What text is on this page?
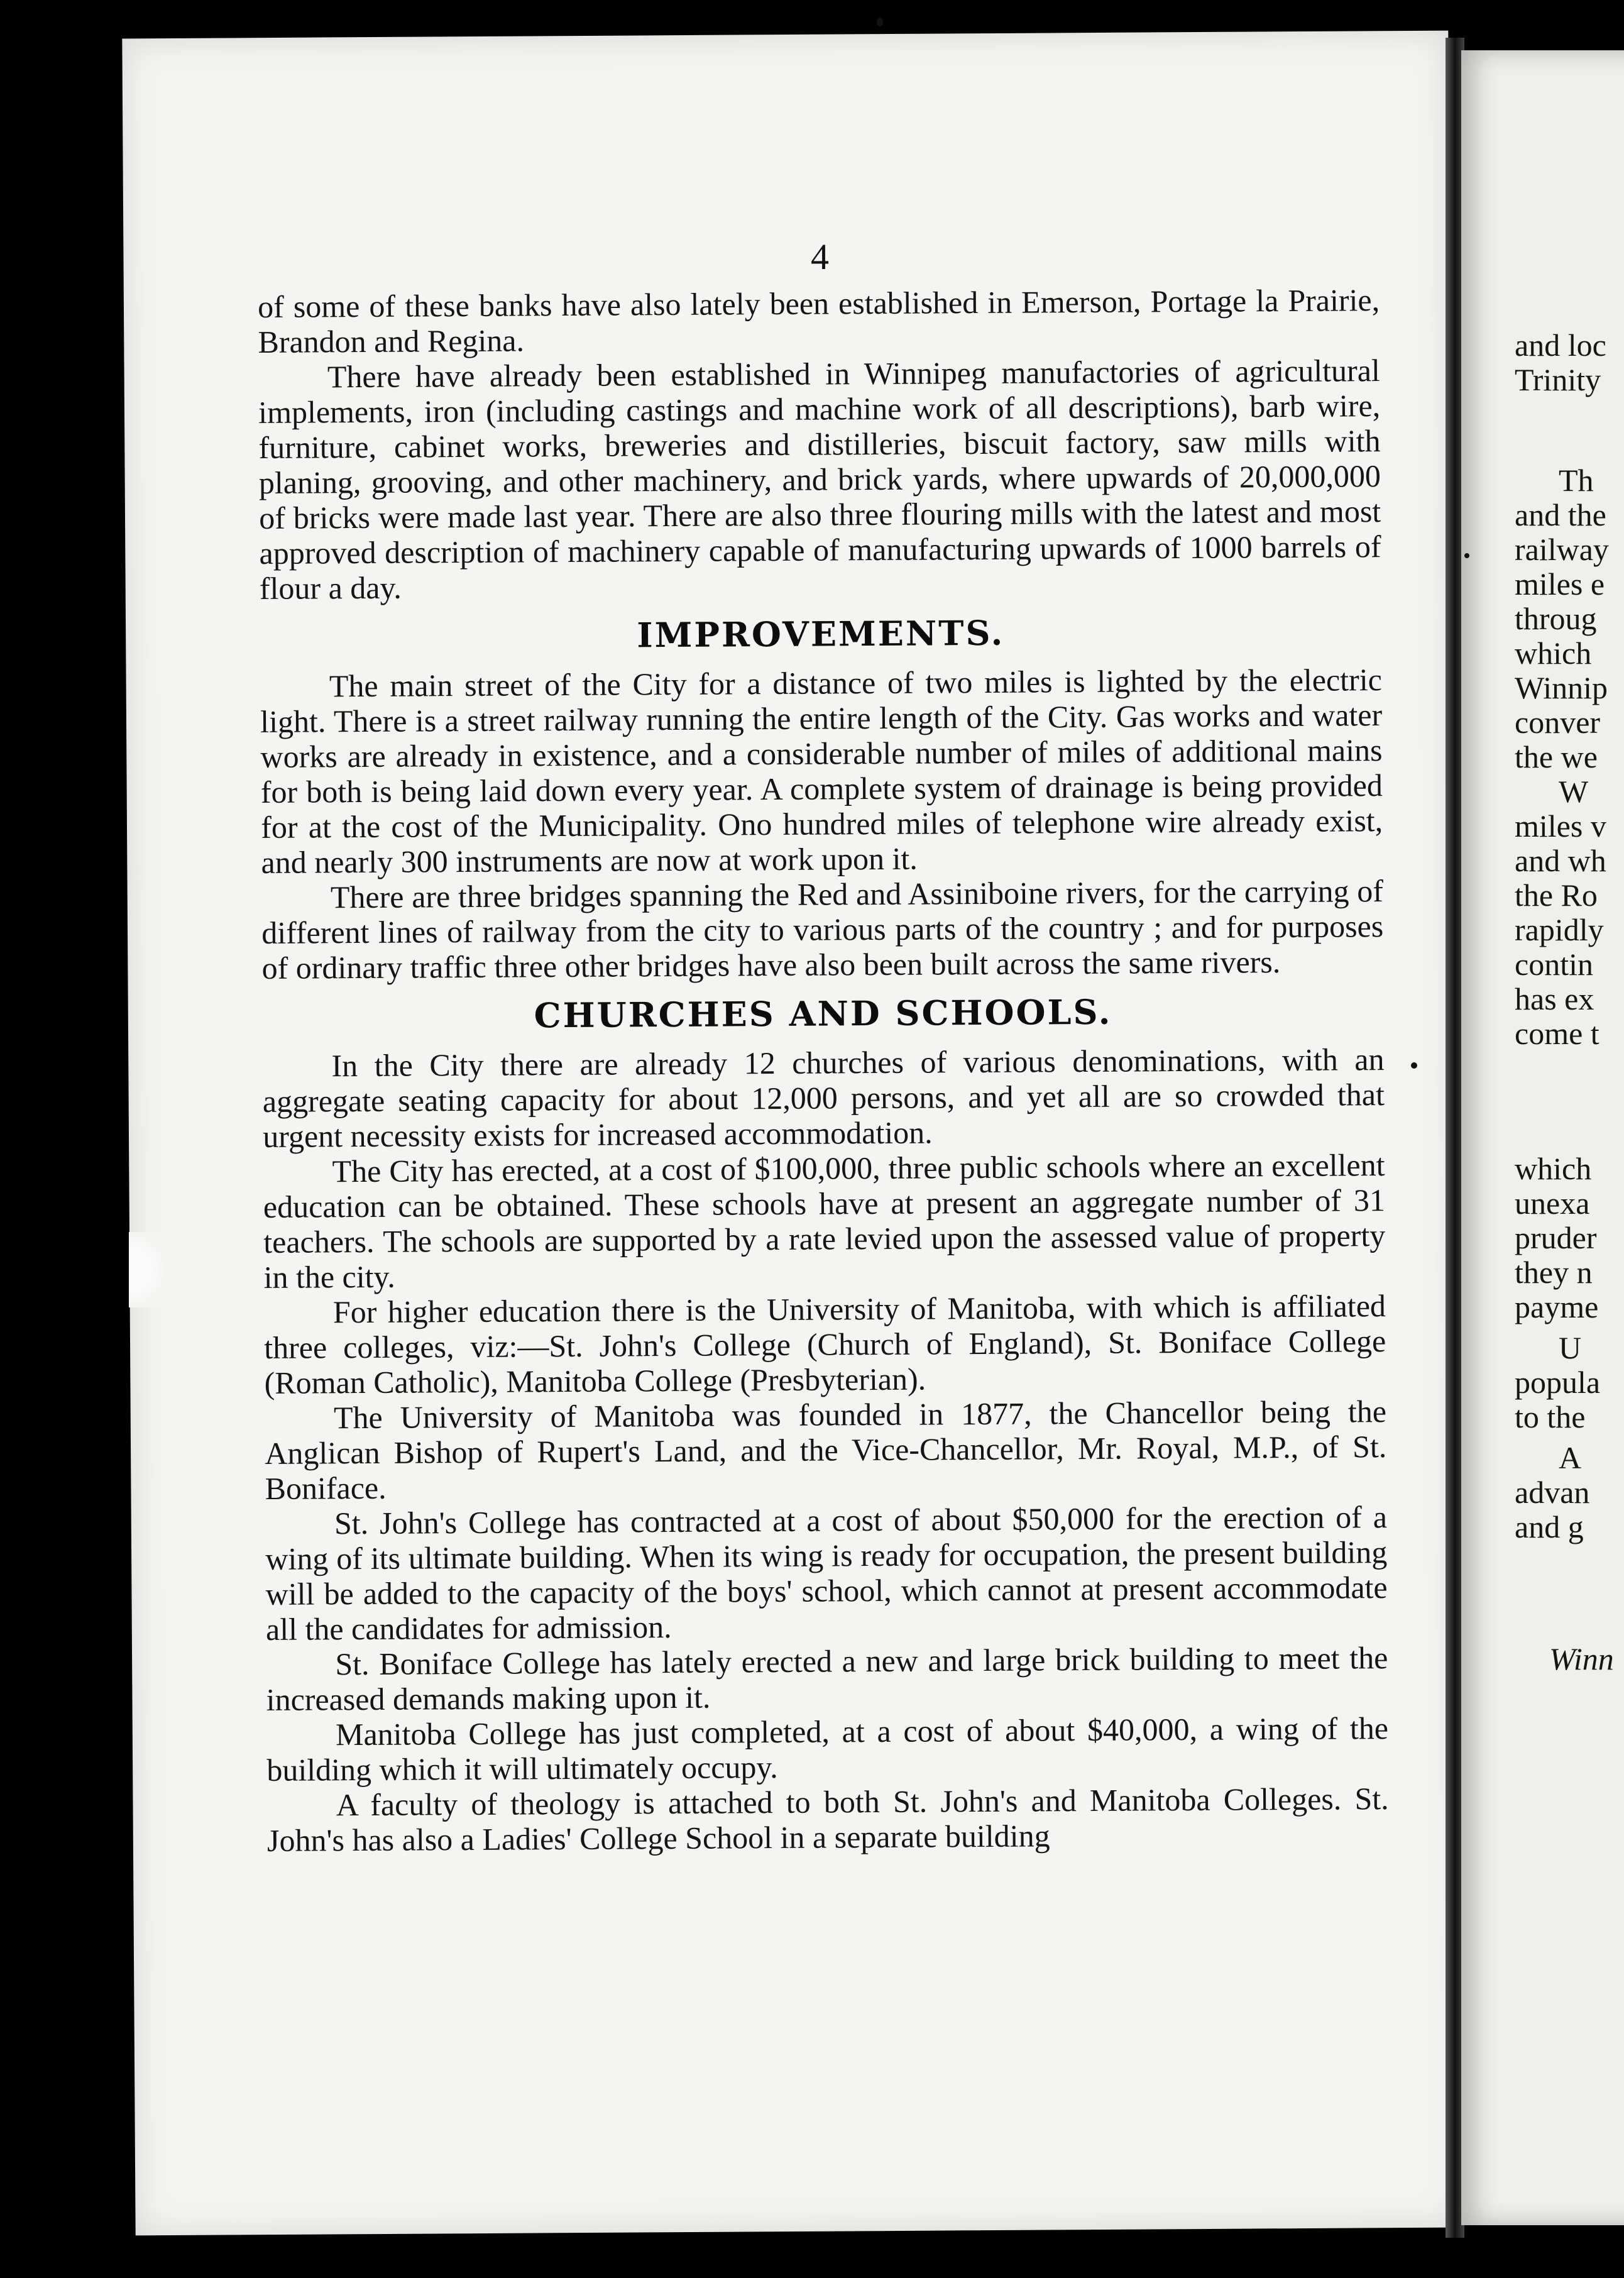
4

of some of these banks have also lately been established in Emerson, Portage la Prairie, Brandon and Regina.

There have already been established in Winnipeg manufactories of agricultural implements, iron (including castings and machine work of all descriptions), barb wire, furniture, cabinet works, breweries and distilleries, biscuit factory, saw mills with planing, grooving, and other machinery, and brick yards, where upwards of 20,000,000 of bricks were made last year. There are also three flouring mills with the latest and most approved description of machinery capable of manufacturing upwards of 1000 barrels of flour a day.

IMPROVEMENTS.

The main street of the City for a distance of two miles is lighted by the electric light. There is a street railway running the entire length of the City. Gas works and water works are already in existence, and a considerable number of miles of additional mains for both is being laid down every year. A complete system of drainage is being provided for at the cost of the Municipality. Ono hundred miles of telephone wire already exist, and nearly 300 instruments are now at work upon it.

There are three bridges spanning the Red and Assiniboine rivers, for the carrying of different lines of railway from the city to various parts of the country ; and for purposes of ordinary traffic three other bridges have also been built across the same rivers.

CHURCHES AND SCHOOLS.

In the City there are already 12 churches of various denominations, with an aggregate seating capacity for about 12,000 persons, and yet all are so crowded that urgent necessity exists for increased accommodation.

The City has erected, at a cost of $100,000, three public schools where an excellent education can be obtained. These schools have at present an aggregate number of 31 teachers. The schools are supported by a rate levied upon the assessed value of property in the city.

For higher education there is the University of Manitoba, with which is affiliated three colleges, viz:—St. John's College (Church of England), St. Boniface College (Roman Catholic), Manitoba College (Presbyterian).

The University of Manitoba was founded in 1877, the Chancellor being the Anglican Bishop of Rupert's Land, and the Vice-Chancellor, Mr. Royal, M.P., of St. Boniface.

St. John's College has contracted at a cost of about $50,000 for the erection of a wing of its ultimate building. When its wing is ready for occupation, the present building will be added to the capacity of the boys' school, which cannot at present accommodate all the candidates for admission.

St. Boniface College has lately erected a new and large brick building to meet the increased demands making upon it.

Manitoba College has just completed, at a cost of about $40,000, a wing of the building which it will ultimately occupy.

A faculty of theology is attached to both St. John's and Manitoba Colleges. St. John's has also a Ladies' College School in a separate building

and loc
Trinity
Th
and the
railway
miles e
throug
which
Winnip
conver
the we
W
miles v
and wh
the Ro
rapidly
contin
has ex
come t
which
unexa
pruder
they n
payme
U
popula
to the
A
advan
and g
Winn
